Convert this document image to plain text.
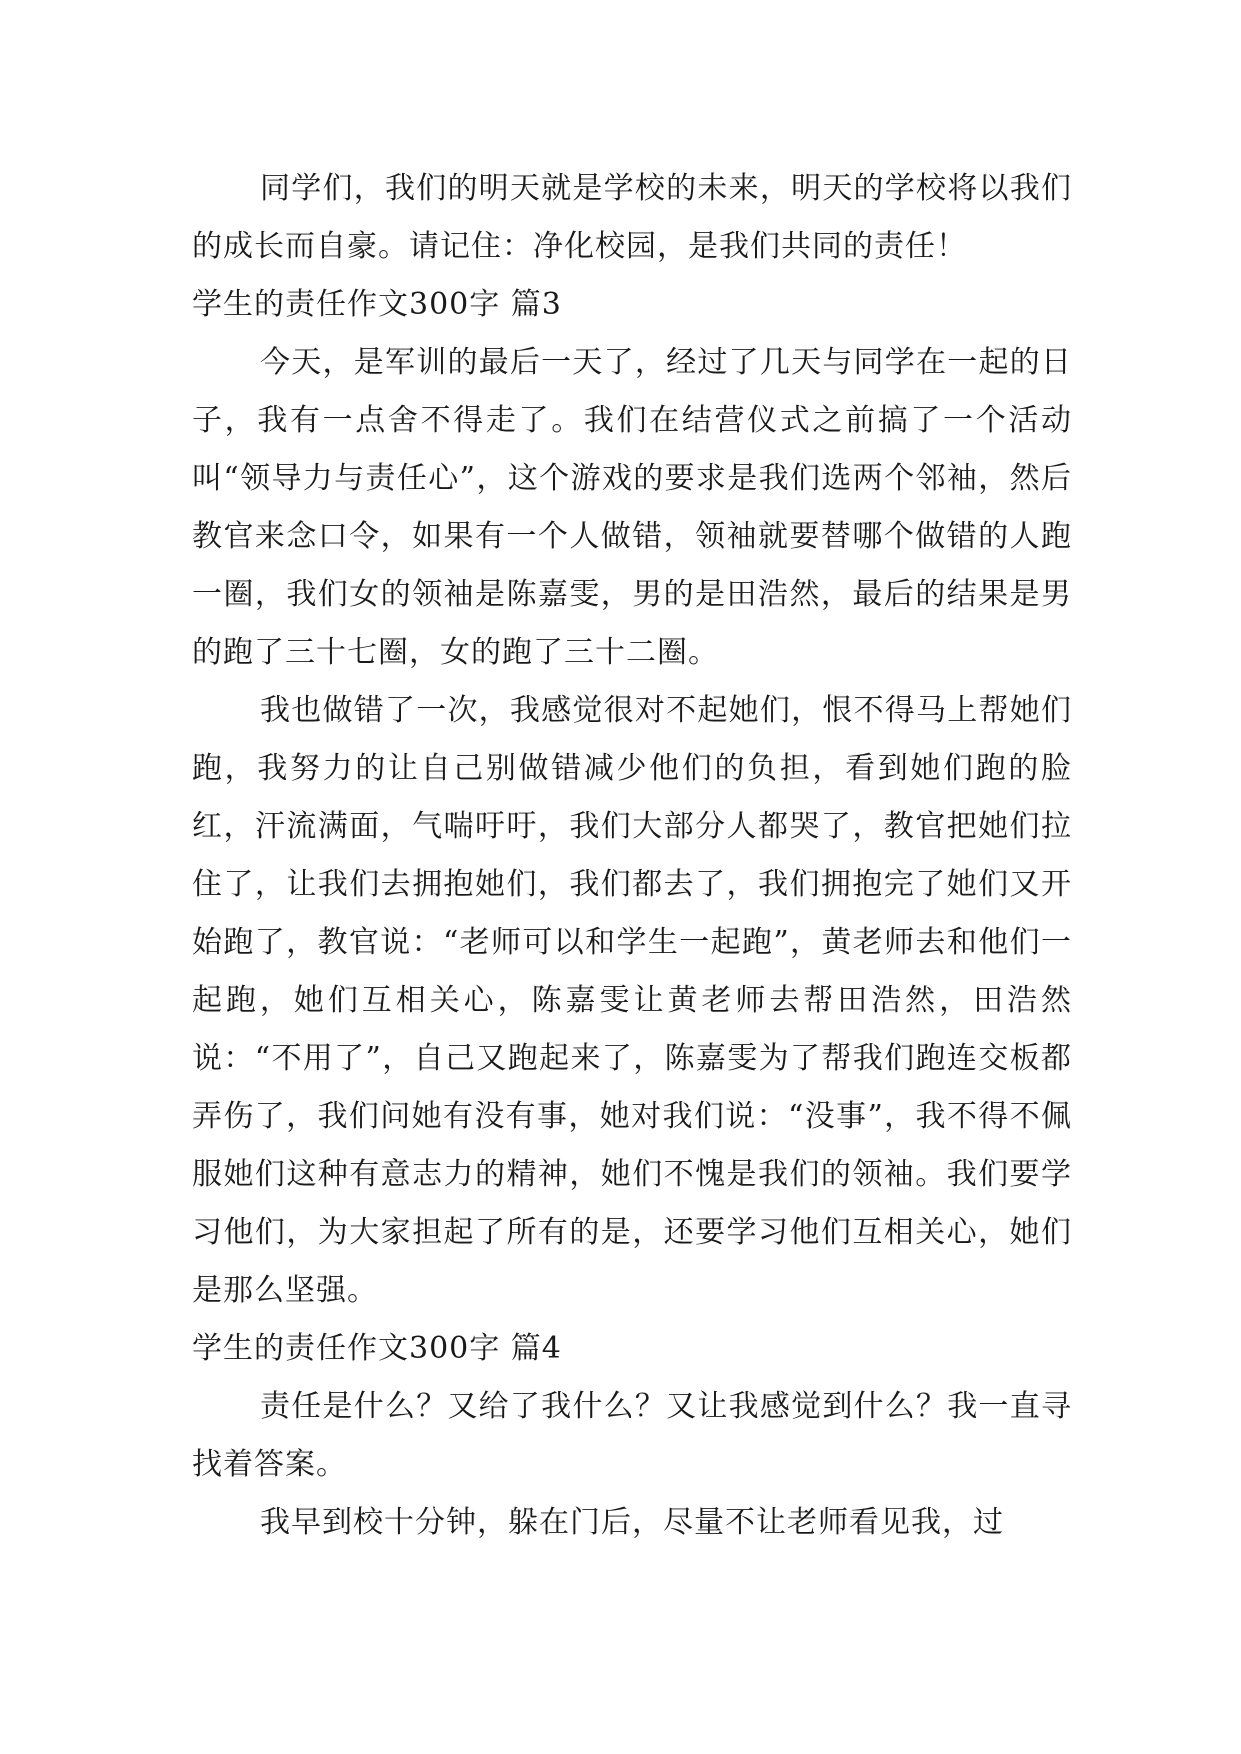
同学们，我们的明天就是学校的未来，明天的学校将以我们的成长而自豪。请记住：净化校园，是我们共同的责任！

学生的责任作文300字 篇3

今天，是军训的最后一天了，经过了几天与同学在一起的日子，我有一点舍不得走了。我们在结营仪式之前搞了一个活动叫“领导力与责任心”，这个游戏的要求是我们选两个邻袖，然后教官来念口令，如果有一个人做错，领袖就要替哪个做错的人跑一圈，我们女的领袖是陈嘉雯，男的是田浩然，最后的结果是男的跑了三十七圈，女的跑了三十二圈。

我也做错了一次，我感觉很对不起她们，恨不得马上帮她们跑，我努力的让自己别做错减少他们的负担，看到她们跑的脸红，汗流满面，气喘吁吁，我们大部分人都哭了，教官把她们拉住了，让我们去拥抱她们，我们都去了，我们拥抱完了她们又开始跑了，教官说：“老师可以和学生一起跑”，黄老师去和他们一起跑，她们互相关心，陈嘉雯让黄老师去帮田浩然，田浩然说：“不用了”，自己又跑起来了，陈嘉雯为了帮我们跑连交板都弄伤了，我们问她有没有事，她对我们说：“没事”，我不得不佩服她们这种有意志力的精神，她们不愧是我们的领袖。我们要学习他们，为大家担起了所有的是，还要学习他们互相关心，她们是那么坚强。

学生的责任作文300字 篇4

责任是什么？又给了我什么？又让我感觉到什么？我一直寻找着答案。

我早到校十分钟，躲在门后，尽量不让老师看见我，过
